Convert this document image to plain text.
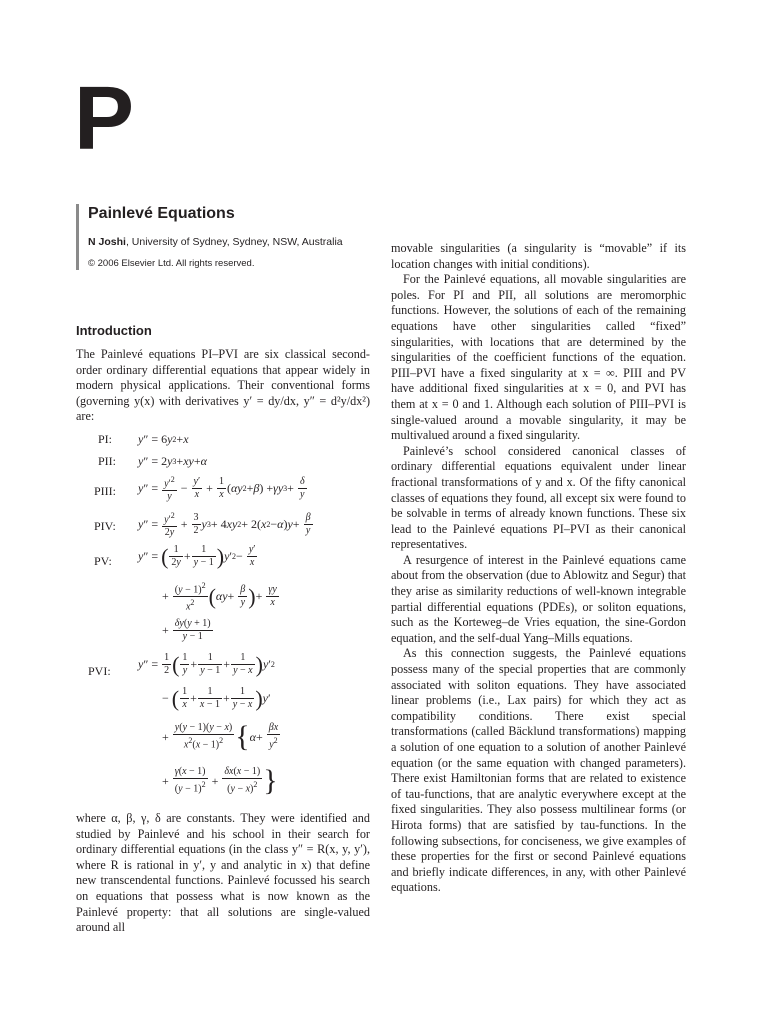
P

Painlevé Equations

N Joshi, University of Sydney, Sydney, NSW, Australia

© 2006 Elsevier Ltd. All rights reserved.

Introduction

The Painlevé equations PI–PVI are six classical second-order ordinary differential equations that appear widely in modern physical applications. Their conventional forms (governing y(x) with derivatives y′ = dy/dx, y″ = d²y/dx²) are:

PI: y ″ = 6 y 2 + x
PII: y ″ = 2 y 3 + xy + α
PIII: y ″ = $\frac{y'^2}{y} - \frac{y'}{x} + \frac{1}{x}$ ( αy 2 + β ) + γy $3 + \frac{\delta}{y}$
PIV: y ″ = $\frac{y'^2}{2y} + \frac{3}{2}$ y 3 + 4 xy 2 + 2( x 2 − α ) $y + \frac{\beta}{y}$
PV: y ″ = ( $\frac{1}{2y} + \frac{1}{y - 1}$ ) y ′ $2 - \frac{y'}{x}$
+ $\frac{(y - 1)^2}{x^2}$ ( $\alpha y + \frac{\beta}{y}$ ) + $\frac{\gamma y}{x}$
+ $\frac{\delta y(y + 1)}{y - 1}$
PVI: y ″ = $\frac{1}{2}$ ( $\frac{1}{y} + \frac{1}{y - 1} + \frac{1}{y - x}$ ) y ′ 2
− ( $\frac{1}{x} + \frac{1}{x - 1} + \frac{1}{y - x}$ ) y ′
+ $\frac{y(y - 1)(y - x)}{x^2(x - 1)^2}$ { $\alpha + \frac{\beta x}{y^2}$
+ $\frac{\gamma(x - 1)}{(y - 1)^2} + \frac{\delta x(x - 1)}{(y - x)^2}$ }

where α, β, γ, δ are constants. They were identified and studied by Painlevé and his school in their search for ordinary differential equations (in the class y″ = R(x, y, y′), where R is rational in y′, y and analytic in x) that define new transcendental functions. Painlevé focussed his search on equations that possess what is now known as the Painlevé property: that all solutions are single-valued around all

movable singularities (a singularity is “movable” if its location changes with initial conditions).

For the Painlevé equations, all movable singularities are poles. For PI and PII, all solutions are meromorphic functions. However, the solutions of each of the remaining equations have other singularities called “fixed” singularities, with locations that are determined by the singularities of the coefficient functions of the equation. PIII–PVI have a fixed singularity at x = ∞. PIII and PV have additional fixed singularities at x = 0, and PVI has them at x = 0 and 1. Although each solution of PIII–PVI is single-valued around a movable singularity, it may be multivalued around a fixed singularity.

Painlevé’s school considered canonical classes of ordinary differential equations equivalent under linear fractional transformations of y and x. Of the fifty canonical classes of equations they found, all except six were found to be solvable in terms of already known functions. These six lead to the Painlevé equations PI–PVI as their canonical representatives.

A resurgence of interest in the Painlevé equations came about from the observation (due to Ablowitz and Segur) that they arise as similarity reductions of well-known integrable partial differential equations (PDEs), or soliton equations, such as the Korteweg–de Vries equation, the sine-Gordon equation, and the self-dual Yang–Mills equations.

As this connection suggests, the Painlevé equations possess many of the special properties that are commonly associated with soliton equations. They have associated linear problems (i.e., Lax pairs) for which they act as compatibility conditions. There exist special transformations (called Bäcklund transformations) mapping a solution of one equation to a solution of another Painlevé equation (or the same equation with changed parameters). There exist Hamiltonian forms that are related to existence of tau-functions, that are analytic everywhere except at the fixed singularities. They also possess multilinear forms (or Hirota forms) that are satisfied by tau-functions. In the following subsections, for conciseness, we give examples of these properties for the first or second Painlevé equations and briefly indicate differences, in any, with other Painlevé equations.
